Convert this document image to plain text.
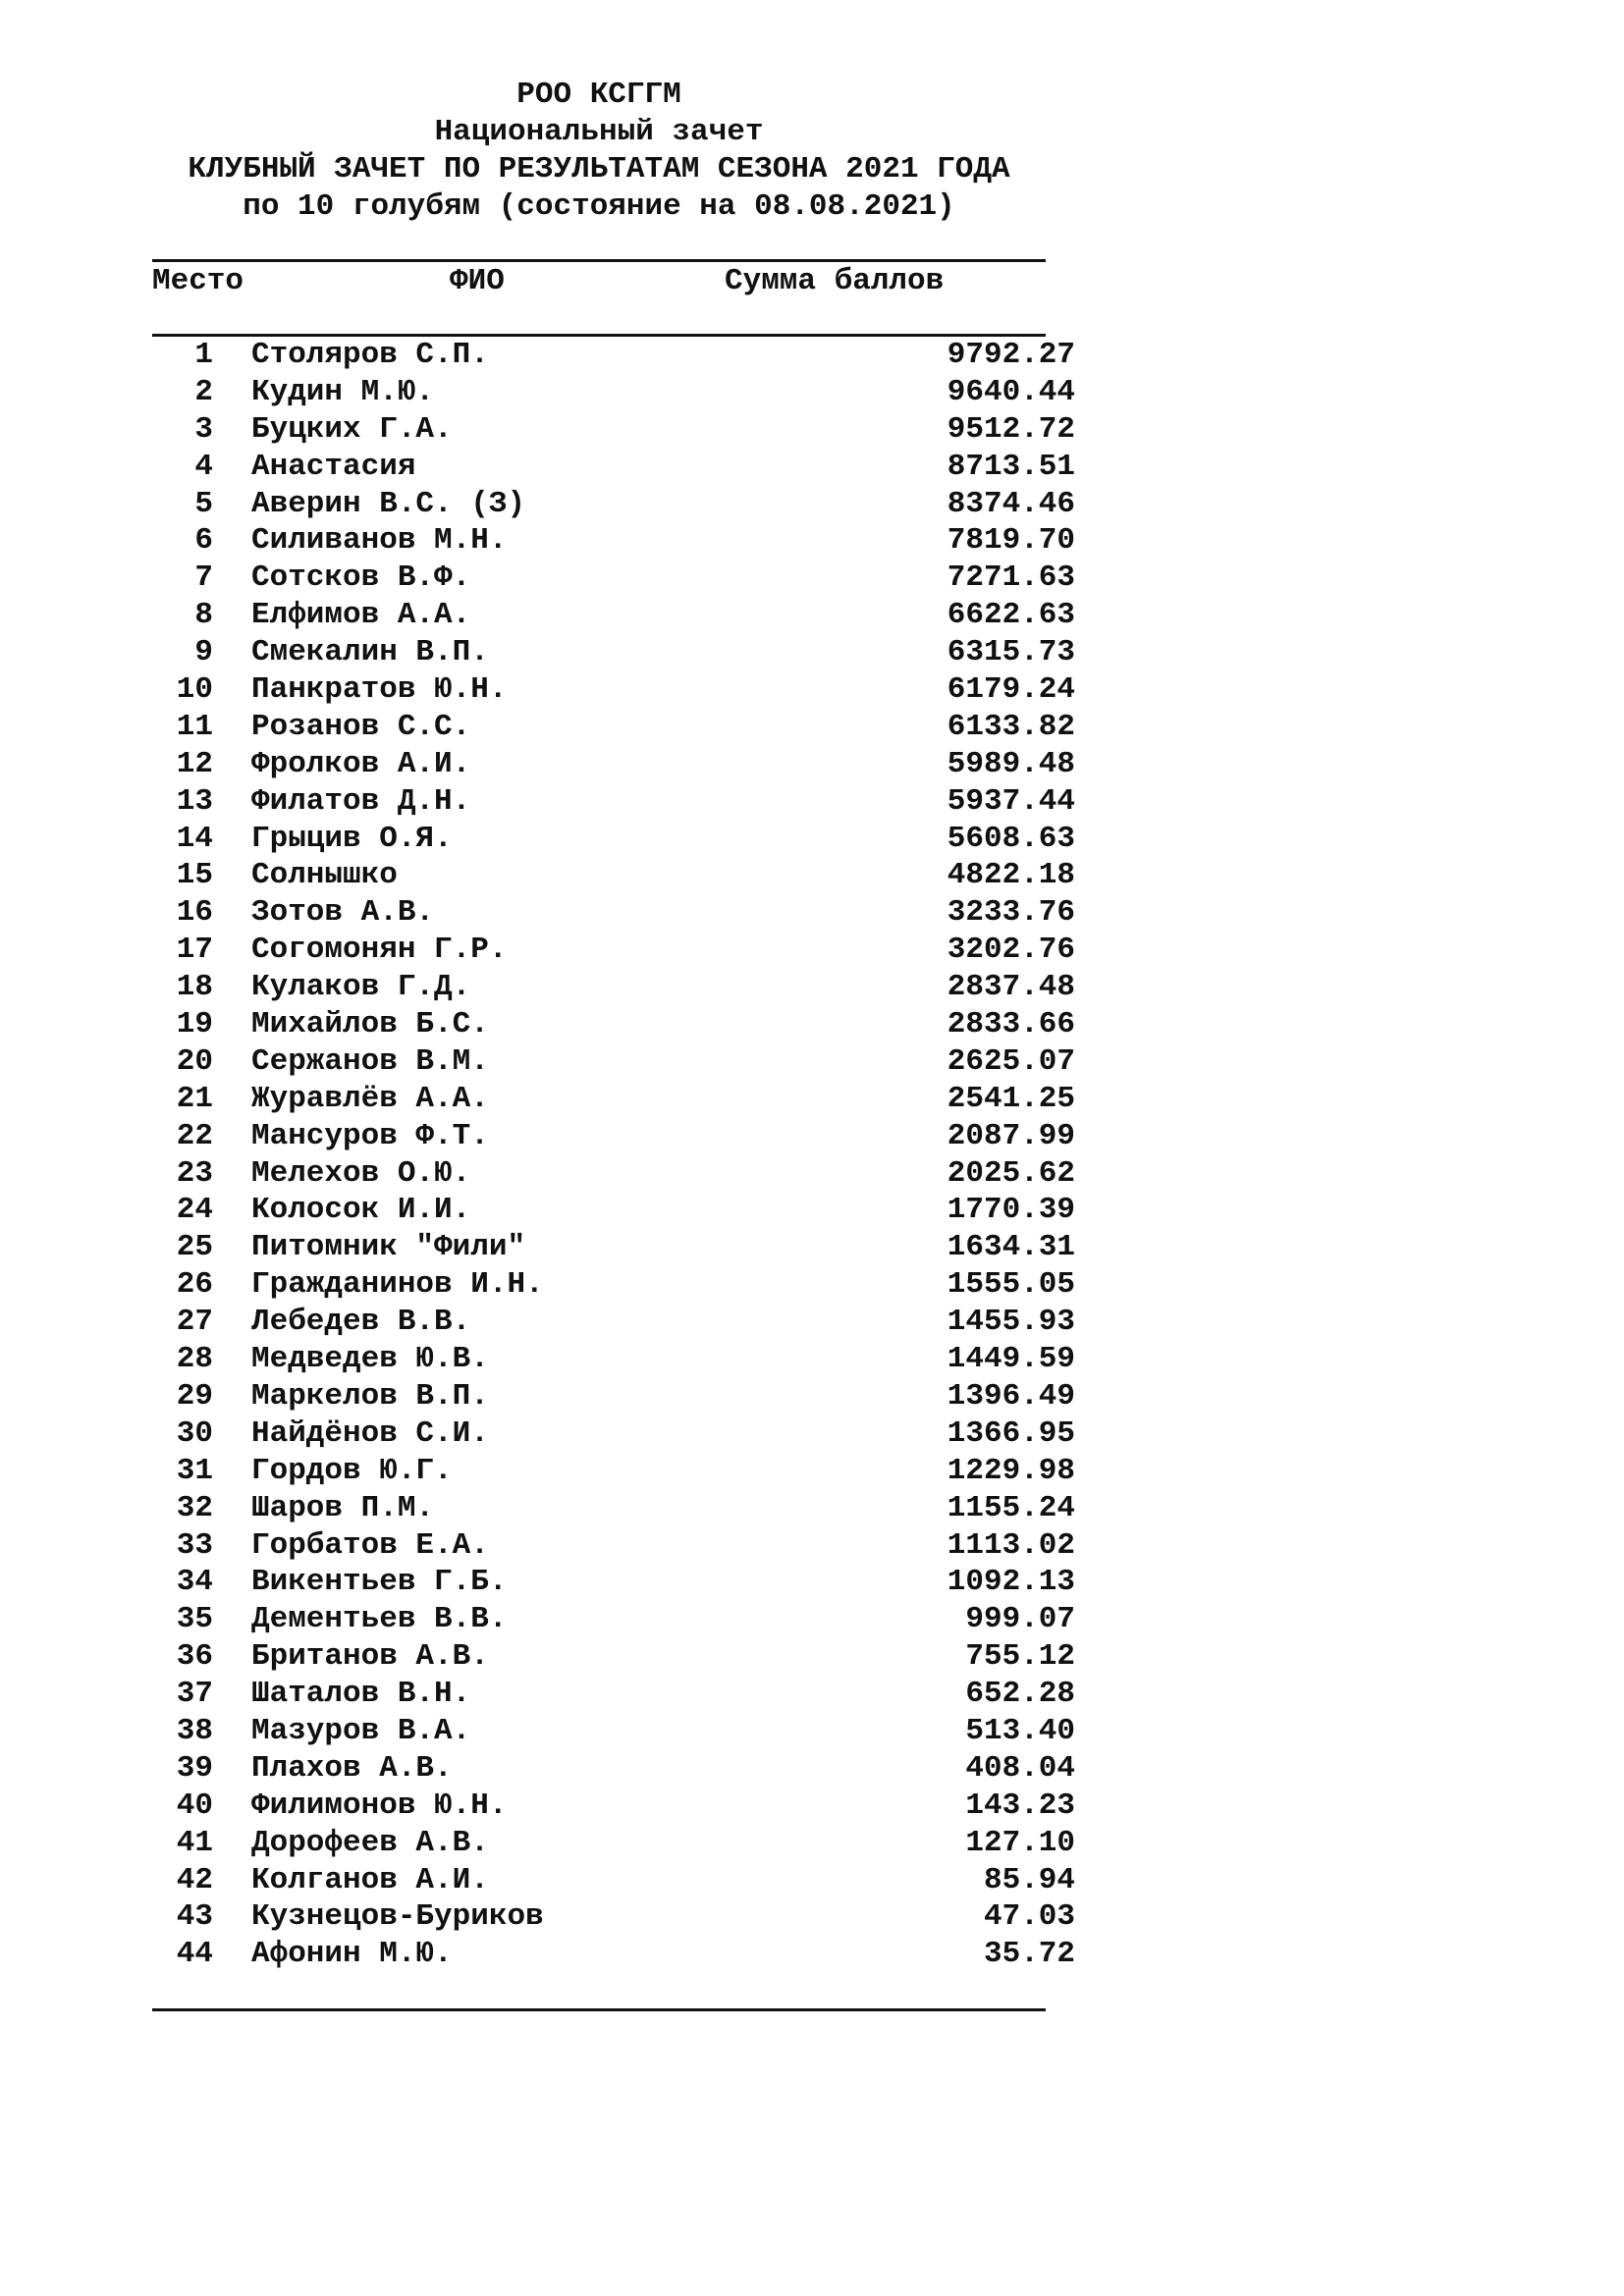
РОО КСГГМ
Национальный зачет
КЛУБНЫЙ ЗАЧЕТ ПО РЕЗУЛЬТАТАМ СЕЗОНА 2021 ГОДА
по 10 голубям (состояние на 08.08.2021)
Место	ФИО	Сумма баллов
1 Столяров С.П.	9792.27
2 Кудин М.Ю.	9640.44
3 Буцких Г.А.	9512.72
4 Анастасия	8713.51
5 Аверин В.С. (З)	8374.46
6 Силиванов М.Н.	7819.70
7 Сотсков В.Ф.	7271.63
8 Елфимов А.А.	6622.63
9 Смекалин В.П.	6315.73
10 Панкратов Ю.Н.	6179.24
11 Розанов С.С.	6133.82
12 Фролков А.И.	5989.48
13 Филатов Д.Н.	5937.44
14 Грыцив О.Я.	5608.63
15 Солнышко	4822.18
16 Зотов А.В.	3233.76
17 Согомонян Г.Р.	3202.76
18 Кулаков Г.Д.	2837.48
19 Михайлов Б.С.	2833.66
20 Сержанов В.М.	2625.07
21 Журавлёв А.А.	2541.25
22 Мансуров Ф.Т.	2087.99
23 Мелехов О.Ю.	2025.62
24 Колосок И.И.	1770.39
25 Питомник "Фили"	1634.31
26 Гражданинов И.Н.	1555.05
27 Лебедев В.В.	1455.93
28 Медведев Ю.В.	1449.59
29 Маркелов В.П.	1396.49
30 Найдёнов С.И.	1366.95
31 Гордов Ю.Г.	1229.98
32 Шаров П.М.	1155.24
33 Горбатов Е.А.	1113.02
34 Викентьев Г.Б.	1092.13
35 Дементьев В.В.	999.07
36 Британов А.В.	755.12
37 Шаталов В.Н.	652.28
38 Мазуров В.А.	513.40
39 Плахов А.В.	408.04
40 Филимонов Ю.Н.	143.23
41 Дорофеев А.В.	127.10
42 Колганов А.И.	85.94
43 Кузнецов-Буриков	47.03
44 Афонин М.Ю.	35.72
